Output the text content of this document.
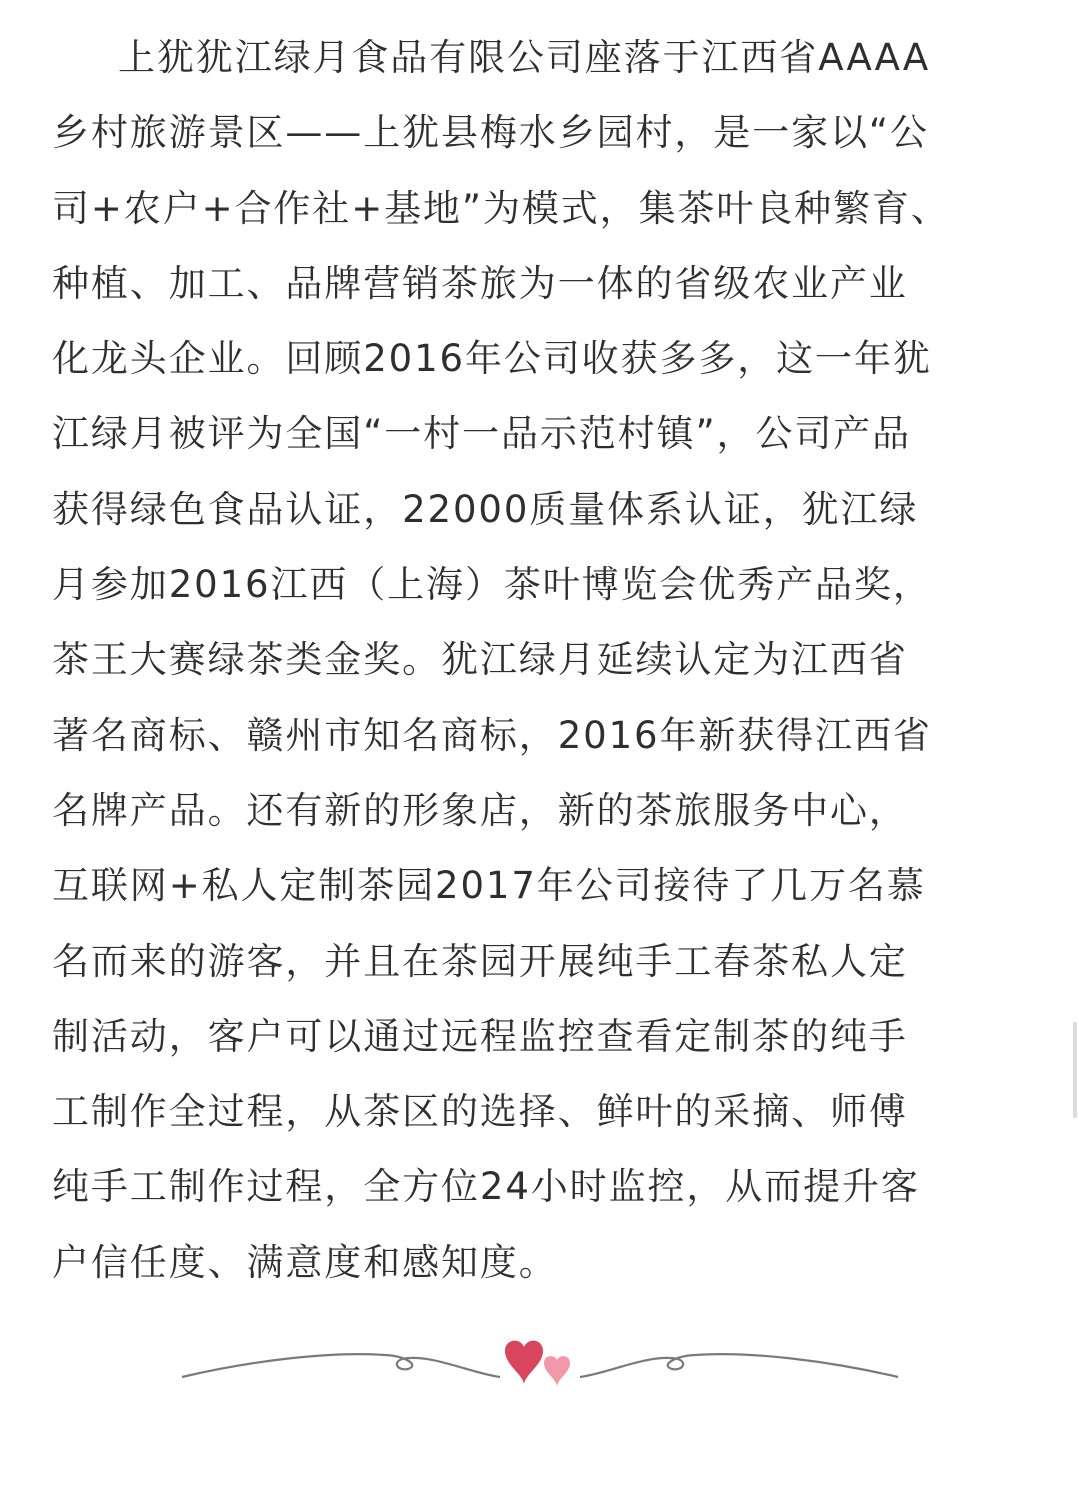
上犹犹江绿月食品有限公司座落于江西省AAAA
乡村旅游景区——上犹县梅水乡园村，是一家以“公
司+农户+合作社+基地”为模式，集茶叶良种繁育、
种植、加工、品牌营销茶旅为一体的省级农业产业
化龙头企业。回顾2016年公司收获多多，这一年犹
江绿月被评为全国“一村一品示范村镇”，公司产品
获得绿色食品认证，22000质量体系认证，犹江绿
月参加2016江西（上海）茶叶博览会优秀产品奖，
茶王大赛绿茶类金奖。犹江绿月延续认定为江西省
著名商标、赣州市知名商标，2016年新获得江西省
名牌产品。还有新的形象店，新的茶旅服务中心，
互联网+私人定制茶园2017年公司接待了几万名慕
名而来的游客，并且在茶园开展纯手工春茶私人定
制活动，客户可以通过远程监控查看定制茶的纯手
工制作全过程，从茶区的选择、鲜叶的采摘、师傅
纯手工制作过程，全方位24小时监控，从而提升客
户信任度、满意度和感知度。
